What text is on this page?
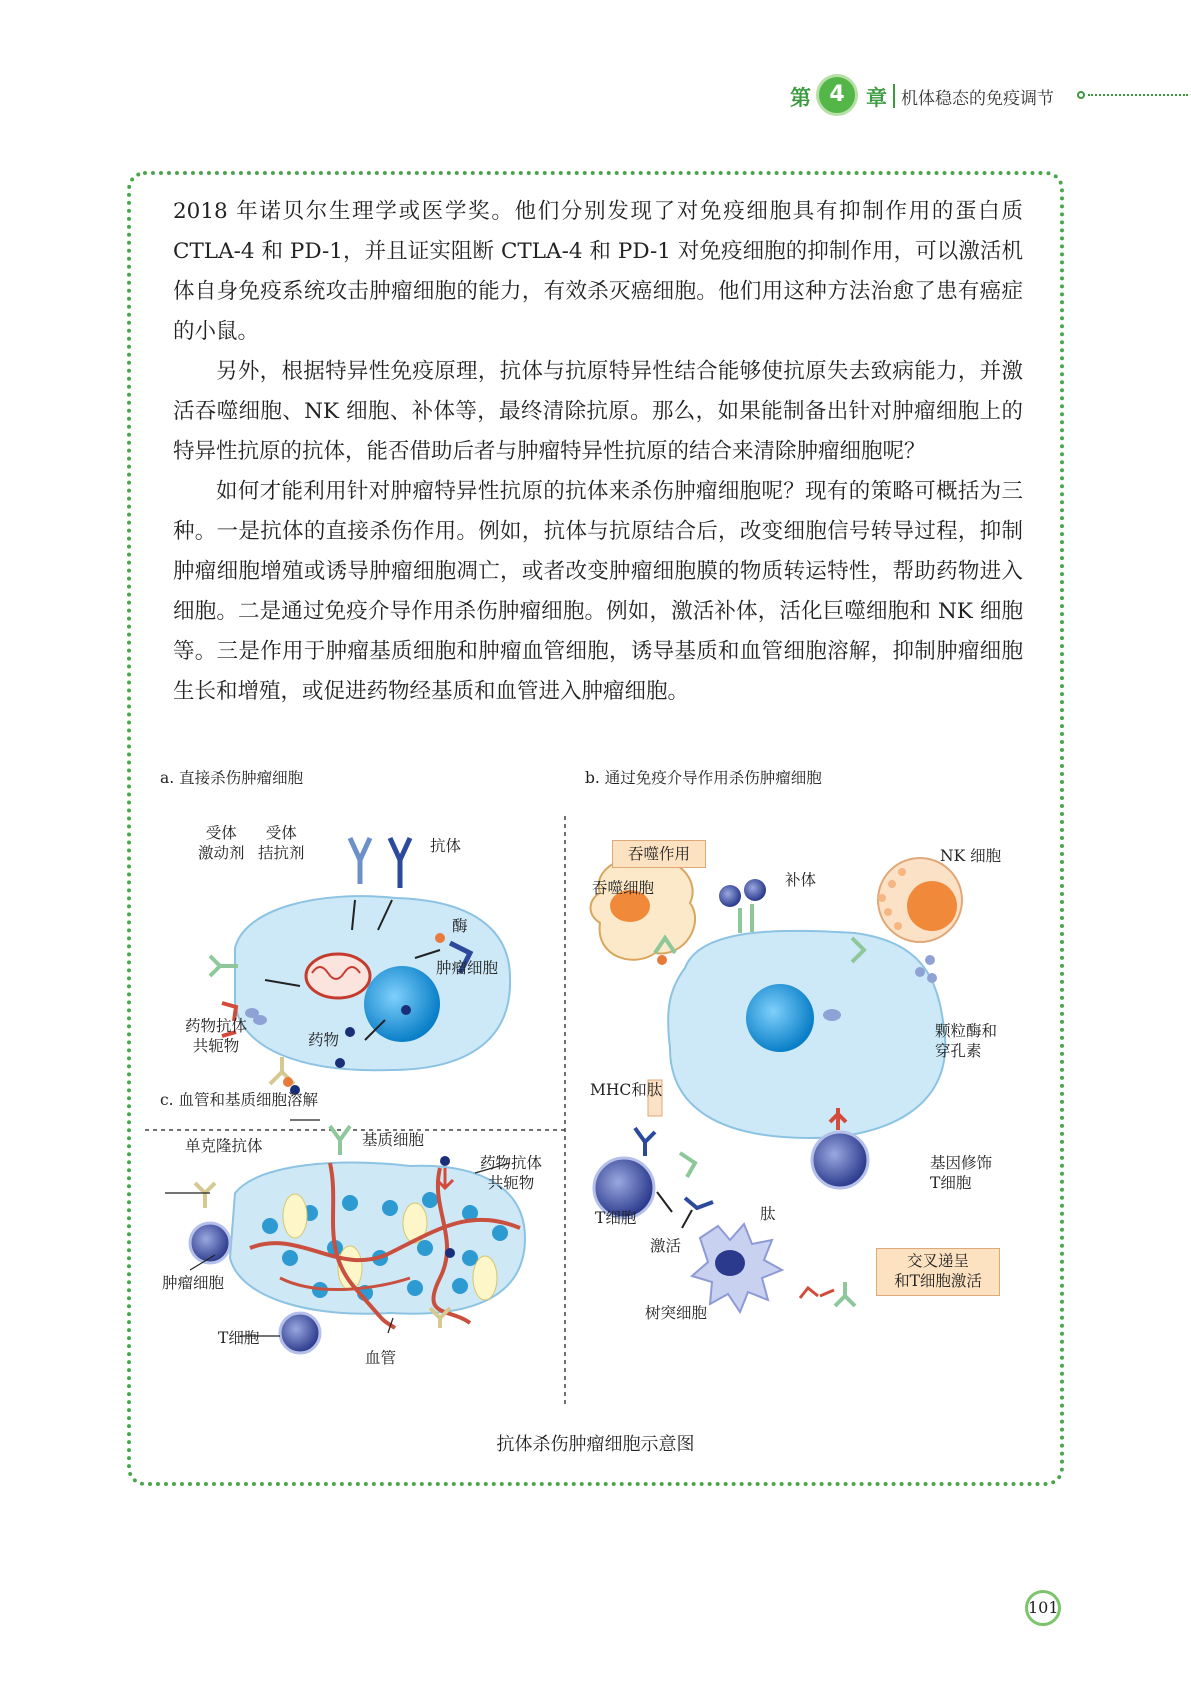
第 4	章 机体稳态的免疫调节

2018 年诺贝尔生理学或医学奖。他们分别发现了对免疫细胞具有抑制作用的蛋白质 CTLA-4 和 PD-1，并且证实阻断 CTLA-4 和 PD-1 对免疫细胞的抑制作用，可以激活机体自身免疫系统攻击肿瘤细胞的能力，有效杀灭癌细胞。他们用这种方法治愈了患有癌症的小鼠。

另外，根据特异性免疫原理，抗体与抗原特异性结合能够使抗原失去致病能力，并激活吞噬细胞、NK 细胞、补体等，最终清除抗原。那么，如果能制备出针对肿瘤细胞上的特异性抗原的抗体，能否借助后者与肿瘤特异性抗原的结合来清除肿瘤细胞呢？

如何才能利用针对肿瘤特异性抗原的抗体来杀伤肿瘤细胞呢？现有的策略可概括为三种。一是抗体的直接杀伤作用。例如，抗体与抗原结合后，改变细胞信号转导过程，抑制肿瘤细胞增殖或诱导肿瘤细胞凋亡，或者改变肿瘤细胞膜的物质转运特性，帮助药物进入细胞。二是通过免疫介导作用杀伤肿瘤细胞。例如，激活补体，活化巨噬细胞和 NK 细胞等。三是作用于肿瘤基质细胞和肿瘤血管细胞，诱导基质和血管细胞溶解，抑制肿瘤细胞生长和增殖，或促进药物经基质和血管进入肿瘤细胞。

a. 直接杀伤肿瘤细胞
受体
激动剂
受体
拮抗剂	抗体
酶
肿瘤细胞
药物抗体
共轭物	药物
b. 通过免疫介导作用杀伤肿瘤细胞
吞噬作用
吞噬细胞	补体
NK 细胞
颗粒酶和
穿孔素
MHC和肽
T细胞
激活
肽
基因修饰
T细胞
树突细胞
交叉递呈
和T细胞激活
c. 血管和基质细胞溶解
单克隆抗体	基质细胞
药物抗体
共轭物
肿瘤细胞
T细胞
血管
抗体杀伤肿瘤细胞示意图
101
